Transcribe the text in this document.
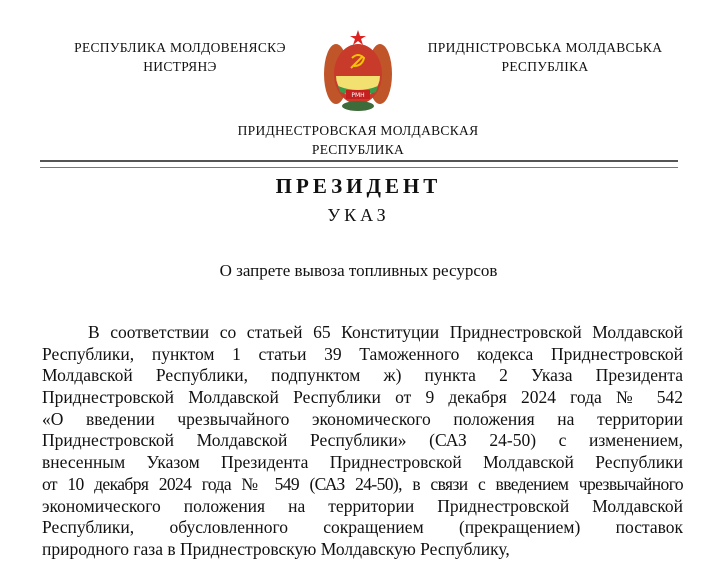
РЕСПУБЛИКА МОЛДОВЕНЯСКЭ
НИСТРЯНЭ
РМН
ПРИДНІСТРОВСЬКА МОЛДАВСЬКА
РЕСПУБЛІКА
ПРИДНЕСТРОВСКАЯ МОЛДАВСКАЯ
РЕСПУБЛИКА
ПРЕЗИДЕНТ
УКАЗ
О запрете вывоза топливных ресурсов
В соответствии со статьей 65 Конституции Приднестровской Молдавской
Республики, пунктом 1 статьи 39 Таможенного кодекса Приднестровской
Молдавской Республики, подпунктом ж) пункта 2 Указа Президента
Приднестровской Молдавской Республики от 9 декабря 2024 года № 542
«О введении чрезвычайного экономического положения на территории
Приднестровской Молдавской Республики» (САЗ 24-50) с изменением,
внесенным Указом Президента Приднестровской Молдавской Республики
от 10 декабря 2024 года № 549 (САЗ 24-50), в связи с введением чрезвычайного
экономического положения на территории Приднестровской Молдавской
Республики, обусловленного сокращением (прекращением) поставок
природного газа в Приднестровскую Молдавскую Республику,
